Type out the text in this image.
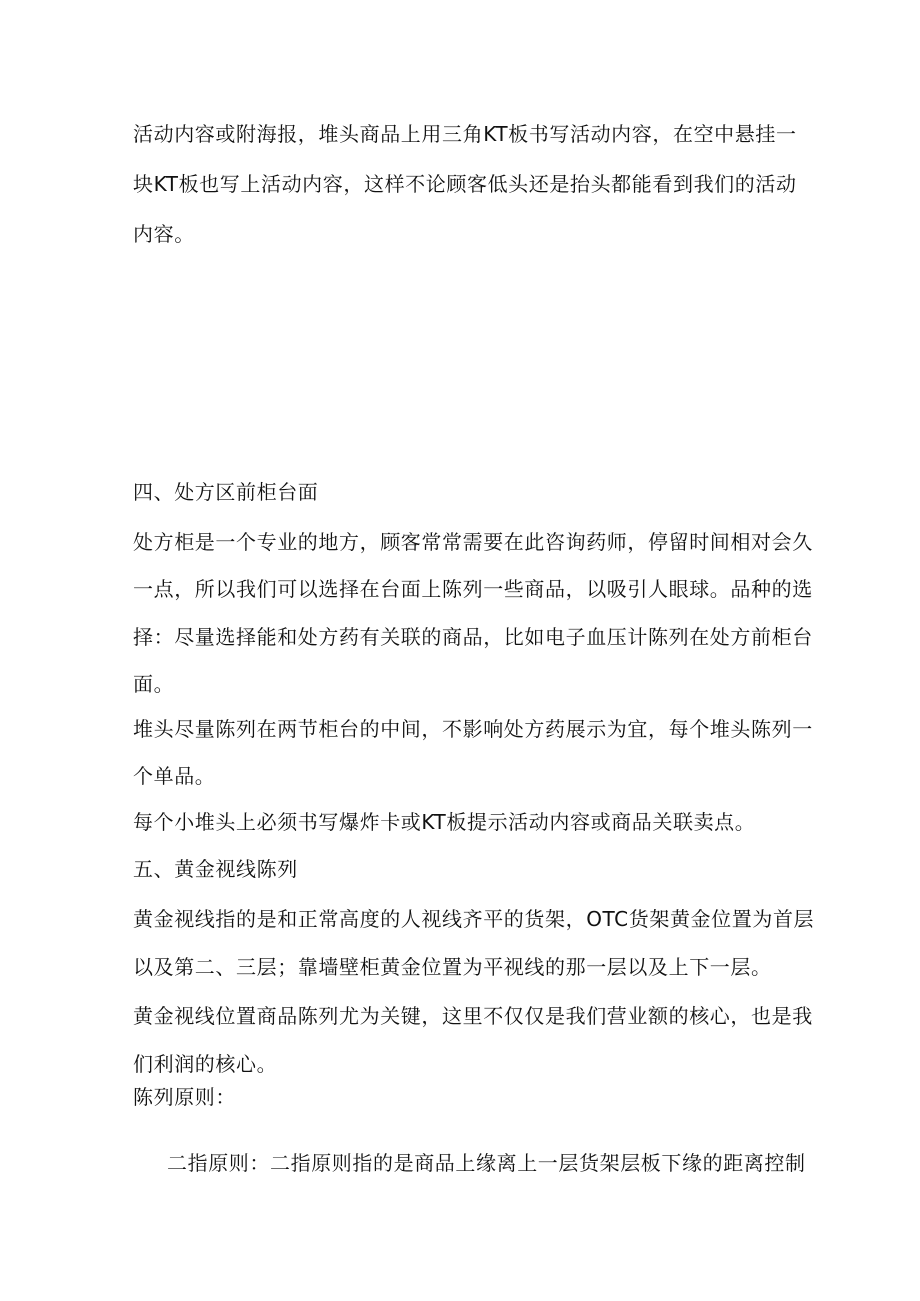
活动内容或附海报，堆头商品上用三角KT板书写活动内容，在空中悬挂一
块KT板也写上活动内容，这样不论顾客低头还是抬头都能看到我们的活动
内容。
四、处方区前柜台面
处方柜是一个专业的地方，顾客常常需要在此咨询药师，停留时间相对会久
一点，所以我们可以选择在台面上陈列一些商品，以吸引人眼球。品种的选
择：尽量选择能和处方药有关联的商品，比如电子血压计陈列在处方前柜台
面。
堆头尽量陈列在两节柜台的中间，不影响处方药展示为宜，每个堆头陈列一
个单品。
每个小堆头上必须书写爆炸卡或KT板提示活动内容或商品关联卖点。
五、黄金视线陈列
黄金视线指的是和正常高度的人视线齐平的货架，OTC货架黄金位置为首层
以及第二、三层；靠墙壁柜黄金位置为平视线的那一层以及上下一层。
黄金视线位置商品陈列尤为关键，这里不仅仅是我们营业额的核心，也是我
们利润的核心。
陈列原则：
二指原则：二指原则指的是商品上缘离上一层货架层板下缘的距离控制
